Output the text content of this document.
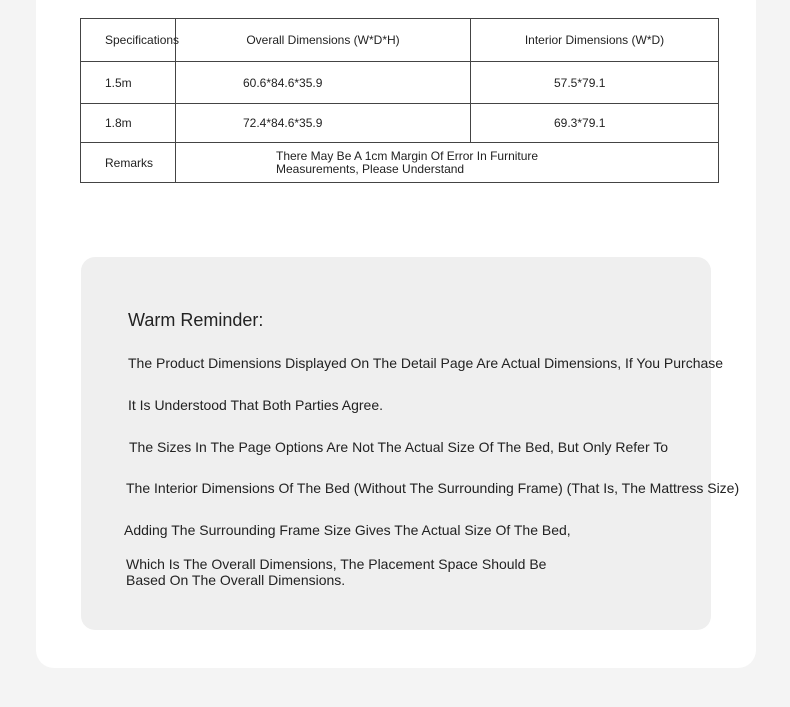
Specifications	Overall Dimensions (W*D*H)	Interior Dimensions (W*D)
1.5m	60.6*84.6*35.9	57.5*79.1
1.8m	72.4*84.6*35.9	69.3*79.1
Remarks	There May Be A 1cm Margin Of Error In Furniture
Measurements, Please Understand	
Warm Reminder:
The Product Dimensions Displayed On The Detail Page Are Actual Dimensions, If You Purchase
It Is Understood That Both Parties Agree.
The Sizes In The Page Options Are Not The Actual Size Of The Bed, But Only Refer To
The Interior Dimensions Of The Bed (Without The Surrounding Frame) (That Is, The Mattress Size)
Adding The Surrounding Frame Size Gives The Actual Size Of The Bed,
Which Is The Overall Dimensions, The Placement Space Should Be
Based On The Overall Dimensions.
